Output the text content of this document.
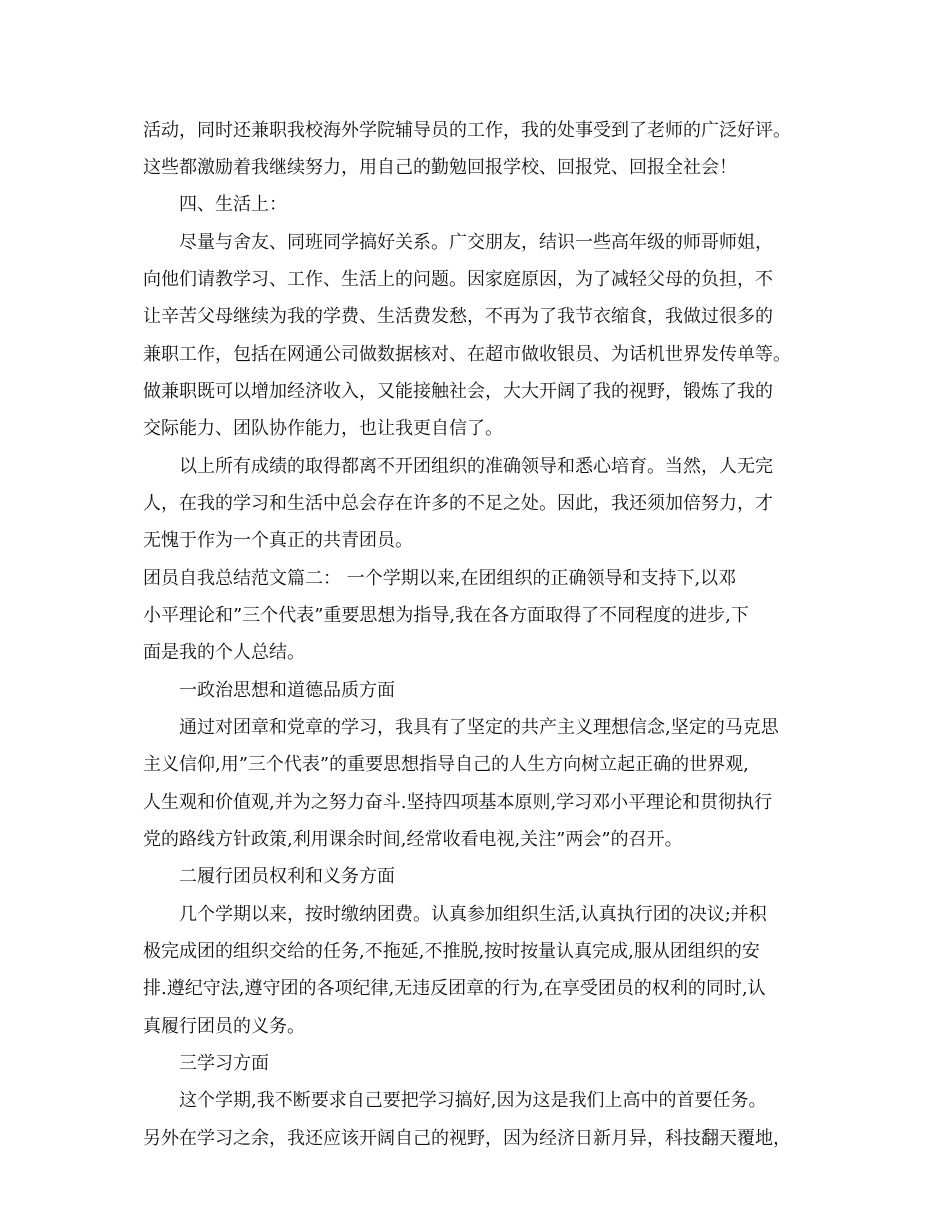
活动，同时还兼职我校海外学院辅导员的工作，我的处事受到了老师的广泛好评。
这些都激励着我继续努力，用自己的勤勉回报学校、回报党、回报全社会！
四、生活上：
尽量与舍友、同班同学搞好关系。广交朋友，结识一些高年级的师哥师姐，
向他们请教学习、工作、生活上的问题。因家庭原因，为了减轻父母的负担，不
让辛苦父母继续为我的学费、生活费发愁，不再为了我节衣缩食，我做过很多的
兼职工作，包括在网通公司做数据核对、在超市做收银员、为话机世界发传单等。
做兼职既可以增加经济收入，又能接触社会，大大开阔了我的视野，锻炼了我的
交际能力、团队协作能力，也让我更自信了。
以上所有成绩的取得都离不开团组织的准确领导和悉心培育。当然，人无完
人，在我的学习和生活中总会存在许多的不足之处。因此，我还须加倍努力，才
无愧于作为一个真正的共青团员。
团员自我总结范文篇二： 一个学期以来,在团组织的正确领导和支持下,以邓
小平理论和”三个代表”重要思想为指导,我在各方面取得了不同程度的进步,下
面是我的个人总结。
一政治思想和道德品质方面
通过对团章和党章的学习，我具有了坚定的共产主义理想信念,坚定的马克思
主义信仰,用”三个代表”的重要思想指导自己的人生方向树立起正确的世界观,
人生观和价值观,并为之努力奋斗.坚持四项基本原则,学习邓小平理论和贯彻执行
党的路线方针政策,利用课余时间,经常收看电视,关注”两会”的召开。
二履行团员权利和义务方面
几个学期以来，按时缴纳团费。认真参加组织生活,认真执行团的决议;并积
极完成团的组织交给的任务,不拖延,不推脱,按时按量认真完成,服从团组织的安
排.遵纪守法,遵守团的各项纪律,无违反团章的行为,在享受团员的权利的同时,认
真履行团员的义务。
三学习方面
这个学期,我不断要求自己要把学习搞好,因为这是我们上高中的首要任务。
另外在学习之余，我还应该开阔自己的视野，因为经济日新月异，科技翻天覆地，
